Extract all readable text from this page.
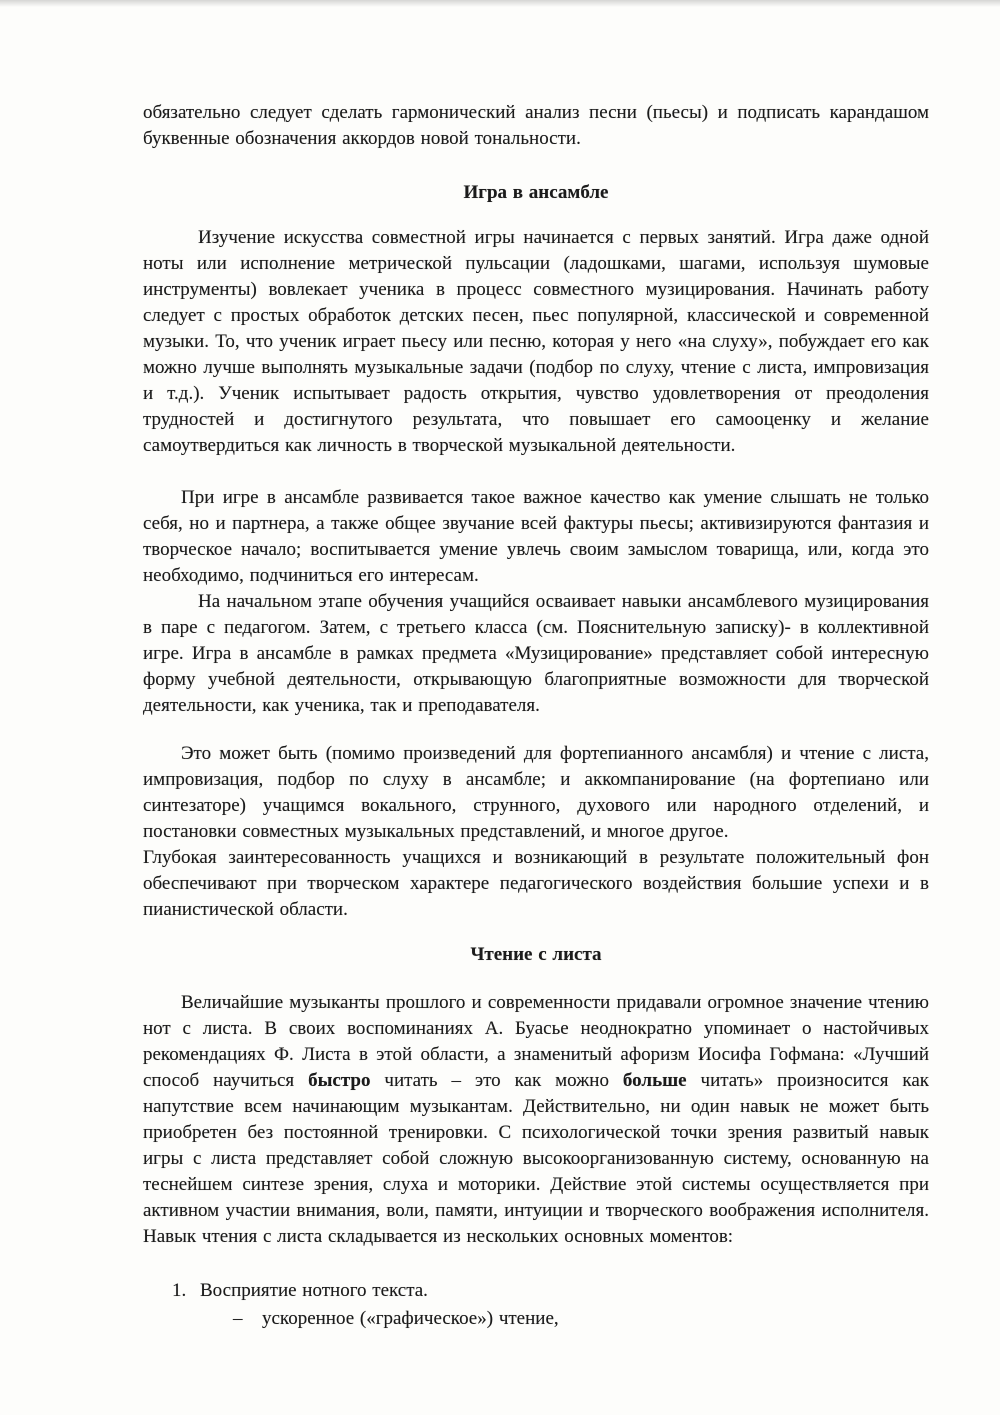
обязательно следует сделать гармонический анализ песни (пьесы) и подписать карандашом буквенные обозначения аккордов новой тональности.

Игра в ансамбле

Изучение искусства совместной игры начинается с первых занятий. Игра даже одной ноты или исполнение метрической пульсации (ладошками, шагами, используя шумовые инструменты) вовлекает ученика в процесс совместного музицирования. Начинать работу следует с простых обработок детских песен, пьес популярной, классической и современной музыки. То, что ученик играет пьесу или песню, которая у него «на слуху», побуждает его как можно лучше выполнять музыкальные задачи (подбор по слуху, чтение с листа, импровизация и т.д.). Ученик испытывает радость открытия, чувство удовлетворения от преодоления трудностей и достигнутого результата, что повышает его самооценку и желание самоутвердиться как личность в творческой музыкальной деятельности.

При игре в ансамбле развивается такое важное качество как умение слышать не только себя, но и партнера, а также общее звучание всей фактуры пьесы; активизируются фантазия и творческое начало; воспитывается умение увлечь своим замыслом товарища, или, когда это необходимо, подчиниться его интересам.

На начальном этапе обучения учащийся осваивает навыки ансамблевого музицирования в паре с педагогом. Затем, с третьего класса (см. Пояснительную записку)- в коллективной игре. Игра в ансамбле в рамках предмета «Музицирование» представляет собой интересную форму учебной деятельности, открывающую благоприятные возможности для творческой деятельности, как ученика, так и преподавателя.

Это может быть (помимо произведений для фортепианного ансамбля) и чтение с листа, импровизация, подбор по слуху в ансамбле; и аккомпанирование (на фортепиано или синтезаторе) учащимся вокального, струнного, духового или народного отделений, и постановки совместных музыкальных представлений, и многое другое.

Глубокая заинтересованность учащихся и возникающий в результате положительный фон обеспечивают при творческом характере педагогического воздействия большие успехи и в пианистической области.

Чтение с листа

Величайшие музыканты прошлого и современности придавали огромное значение чтению нот с листа. В своих воспоминаниях А. Буасье неоднократно упоминает о настойчивых рекомендациях Ф. Листа в этой области, а знаменитый афоризм Иосифа Гофмана: «Лучший способ научиться быстро читать – это как можно больше читать» произносится как напутствие всем начинающим музыкантам. Действительно, ни один навык не может быть приобретен без постоянной тренировки. С психологической точки зрения развитый навык игры с листа представляет собой сложную высокоорганизованную систему, основанную на теснейшем синтезе зрения, слуха и моторики. Действие этой системы осуществляется при активном участии внимания, воли, памяти, интуиции и творческого воображения исполнителя. Навык чтения с листа складывается из нескольких основных моментов:

1. Восприятие нотного текста.
– ускоренное («графическое») чтение,
